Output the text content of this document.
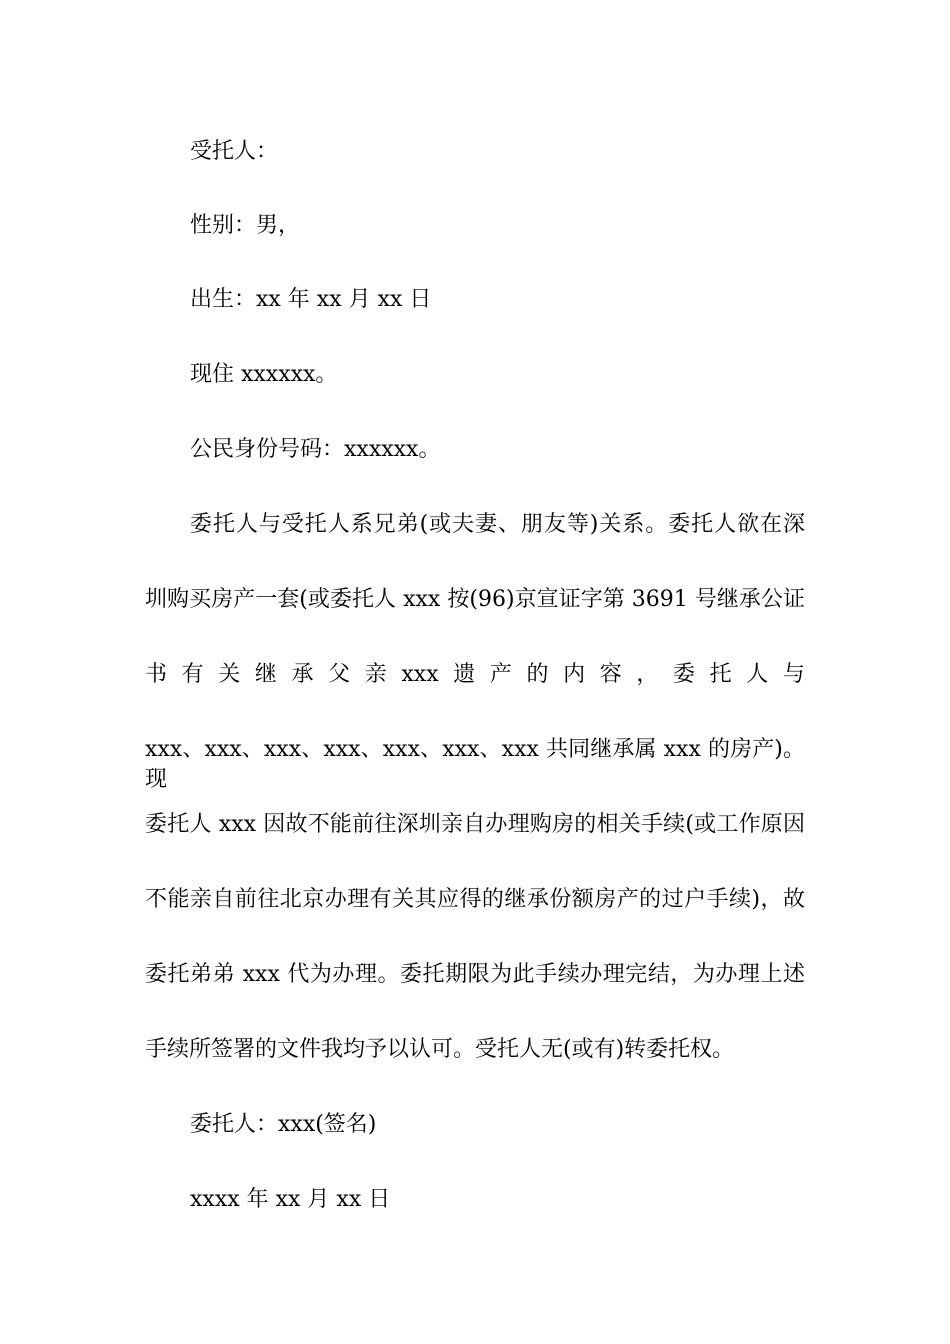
受托人：
性别：男，
出生：xx 年 xx 月 xx 日
现住 xxxxxx。
公民身份号码：xxxxxx。
委托人与受托人系兄弟(或夫妻、朋友等)关系。委托人欲在深
圳购买房产一套(或委托人 xxx 按(96)京宣证字第 3691 号继承公证
书 有 关 继 承 父 亲 xxx 遗 产 的 内 容 ， 委 托 人 与
xxx、xxx、xxx、xxx、xxx、xxx、xxx 共同继承属 xxx 的房产)。现
委托人 xxx 因故不能前往深圳亲自办理购房的相关手续(或工作原因
不能亲自前往北京办理有关其应得的继承份额房产的过户手续)，故
委托弟弟 xxx 代为办理。委托期限为此手续办理完结，为办理上述
手续所签署的文件我均予以认可。受托人无(或有)转委托权。
委托人：xxx(签名)
xxxx 年 xx 月 xx 日
